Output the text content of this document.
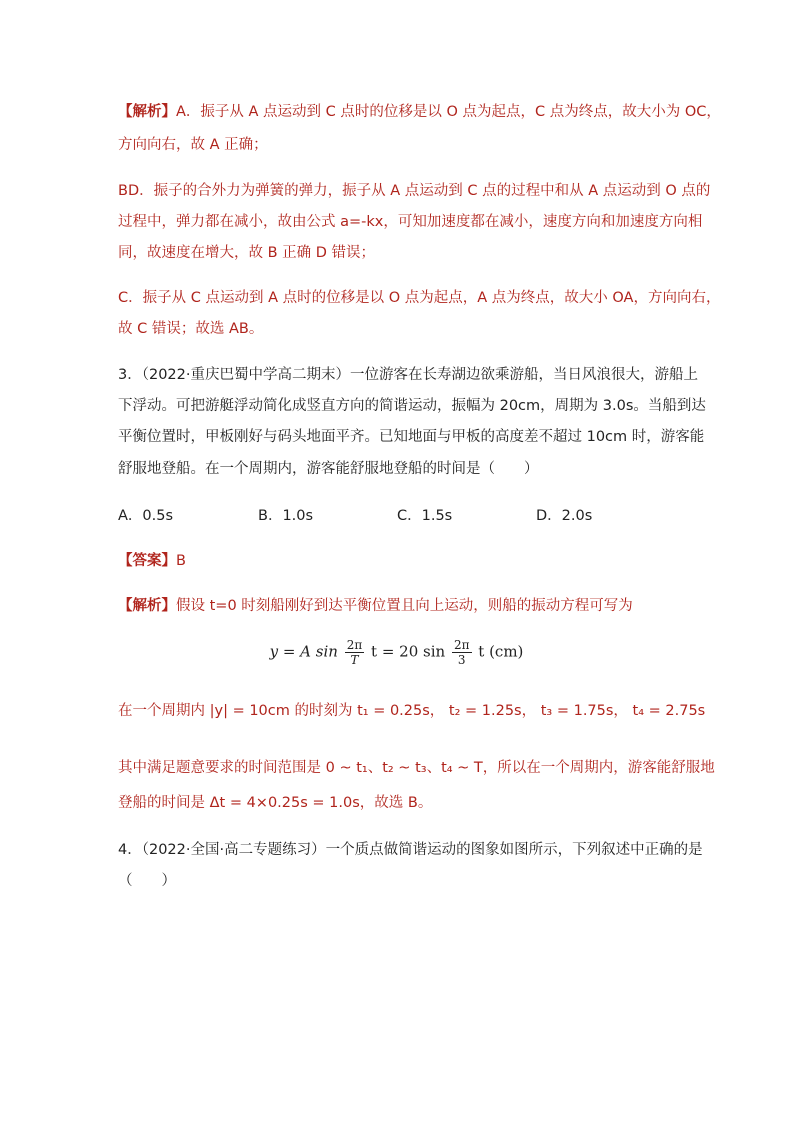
【解析】A．振子从 A 点运动到 C 点时的位移是以 O 点为起点，C 点为终点，故大小为 OC，
方向向右，故 A 正确；
BD．振子的合外力为弹簧的弹力，振子从 A 点运动到 C 点的过程中和从 A 点运动到 O 点的
过程中，弹力都在减小，故由公式 a=-kx，可知加速度都在减小，速度方向和加速度方向相
同，故速度在增大，故 B 正确 D 错误；
C．振子从 C 点运动到 A 点时的位移是以 O 点为起点，A 点为终点，故大小 OA，方向向右，
故 C 错误；故选 AB。
3．（2022·重庆巴蜀中学高二期末）一位游客在长寿湖边欲乘游船，当日风浪很大，游船上
下浮动。可把游艇浮动简化成竖直方向的简谐运动，振幅为 20cm，周期为 3.0s。当船到达
平衡位置时，甲板刚好与码头地面平齐。已知地面与甲板的高度差不超过 10cm 时，游客能
舒服地登船。在一个周期内，游客能舒服地登船的时间是（　　）
A．0.5s	B．1.0s	C．1.5s	D．2.0s
【答案】B
【解析】假设 t=0 时刻船刚好到达平衡位置且向上运动，则船的振动方程可写为
y = A $\sin \frac{2\pi}{T}$ t = 20 $\sin \frac{2\pi}{3}$ t (cm)
在一个周期内 |y| = 10cm 的时刻为 t₁ = 0.25s， t₂ = 1.25s， t₃ = 1.75s， t₄ = 2.75s
其中满足题意要求的时间范围是 0 ~ t₁、t₂ ~ t₃、t₄ ~ T，所以在一个周期内，游客能舒服地
登船的时间是 Δt = 4×0.25s = 1.0s，故选 B。
4．（2022·全国·高二专题练习）一个质点做简谐运动的图象如图所示，下列叙述中正确的是
（　　）
